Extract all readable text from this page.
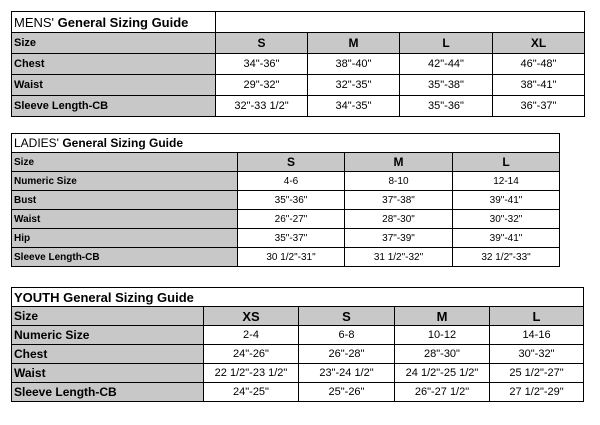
MENS' General Sizing Guide				
Size	S	M	L	XL
Chest	34"-36"	38"-40"	42"-44"	46"-48"
Waist	29"-32"	32"-35"	35"-38"	38"-41"
Sleeve Length-CB	32"-33 1/2"	34"-35"	35"-36"	36"-37"
LADIES' General Sizing Guide			
Size	S	M	L
Numeric Size	4-6	8-10	12-14
Bust	35"-36"	37"-38"	39"-41"
Waist	26"-27"	28"-30"	30"-32"
Hip	35"-37"	37"-39"	39"-41"
Sleeve Length-CB	30 1/2"-31"	31 1/2"-32"	32 1/2"-33"
YOUTH General Sizing Guide				
Size	XS	S	M	L
Numeric Size	2-4	6-8	10-12	14-16
Chest	24"-26"	26"-28"	28"-30"	30"-32"
Waist	22 1/2"-23 1/2"	23"-24 1/2"	24 1/2"-25 1/2"	25 1/2"-27"
Sleeve Length-CB	24"-25"	25"-26"	26"-27 1/2"	27 1/2"-29"
